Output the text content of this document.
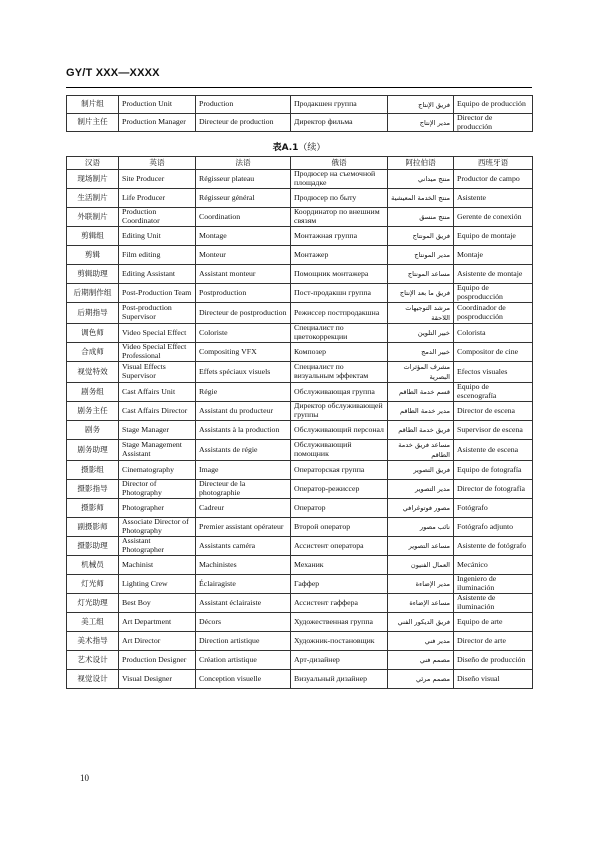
GY/T XXX—XXXX
制片组	Production Unit	Production	Продакшен группа	فريق الإنتاج	Equipo de producción
制片主任	Production Manager	Directeur de production	Директор фильма	مدير الإنتاج	Director de producción
表A.1（续）
汉语	英语	法语	俄语	阿拉伯语	西班牙语
现场制片	Site Producer	Régisseur plateau	Продюсер на съемочной площадке	منتج ميداني	Productor de campo
生活制片	Life Producer	Régisseur général	Продюсер по быту	منتج الخدمة المعيشية	Asistente
外联制片	Production Coordinator	Coordination	Координатор по внешним связям	منتج منسق	Gerente de conexión
剪辑组	Editing Unit	Montage	Монтажная группа	فريق المونتاج	Equipo de montaje
剪辑	Film editing	Monteur	Монтажер	مدير المونتاج	Montaje
剪辑助理	Editing Assistant	Assistant monteur	Помощник монтажера	مساعد المونتاج	Asistente de montaje
后期制作组	Post-Production Team	Postproduction	Пост-продакшн группа	فريق ما بعد الإنتاج	Equipo de posproducción
后期指导	Post-production Supervisor	Directeur de postproduction	Режиссер постпродакшна	مرشد التوجيهات اللاحقة	Coordinador de posproducción
调色师	Video Special Effect	Coloriste	Специалист по цветокоррекции	خبير التلوين	Colorista
合成师	Video Special Effect Professional	Compositing VFX	Композер	خبير الدمج	Compositor de cine
视觉特效	Visual Effects Supervisor	Effets spéciaux visuels	Специалист по визуальным эффектам	مشرف المؤثرات البصرية	Efectos visuales
剧务组	Cast Affairs Unit	Régie	Обслуживающая группа	قسم خدمة الطاقم	Equipo de escenografía
剧务主任	Cast Affairs Director	Assistant du producteur	Директор обслуживающей группы	مدير خدمة الطاقم	Director de escena
剧务	Stage Manager	Assistants à la production	Обслуживающий персонал	فريق خدمة الطاقم	Supervisor de escena
剧务助理	Stage Management Assistant	Assistants de régie	Обслуживающий помощник	مساعد فريق خدمة الطاقم	Asistente de escena
摄影组	Cinematography	Image	Операторская группа	فريق التصوير	Equipo de fotografía
摄影指导	Director of Photography	Directeur de la photographie	Оператор-режиссер	مدير التصوير	Director de fotografía
摄影师	Photographer	Cadreur	Оператор	مصور فوتوغرافي	Fotógrafo
副摄影师	Associate Director of Photography	Premier assistant opérateur	Второй оператор	نائب مصور	Fotógrafo adjunto
摄影助理	Assistant Photographer	Assistants caméra	Ассистент оператора	مساعد التصوير	Asistente de fotógrafo
机械员	Machinist	Machinistes	Механик	العمال الفنيون	Mecánico
灯光师	Lighting Crew	Éclairagiste	Гаффер	مدير الإضاءة	Ingeniero de iluminación
灯光助理	Best Boy	Assistant éclairaiste	Ассистент гаффера	مساعد الإضاءة	Asistente de iluminación
美工组	Art Department	Décors	Художественная группа	فريق الديكور الفني	Equipo de arte
美术指导	Art Director	Direction artistique	Художник-постановщик	مدير فني	Director de arte
艺术设计	Production Designer	Création artistique	Арт-дизайнер	مصمم فني	Diseño de producción
视觉设计	Visual Designer	Conception visuelle	Визуальный дизайнер	مصمم مرئي	Diseño visual
10
